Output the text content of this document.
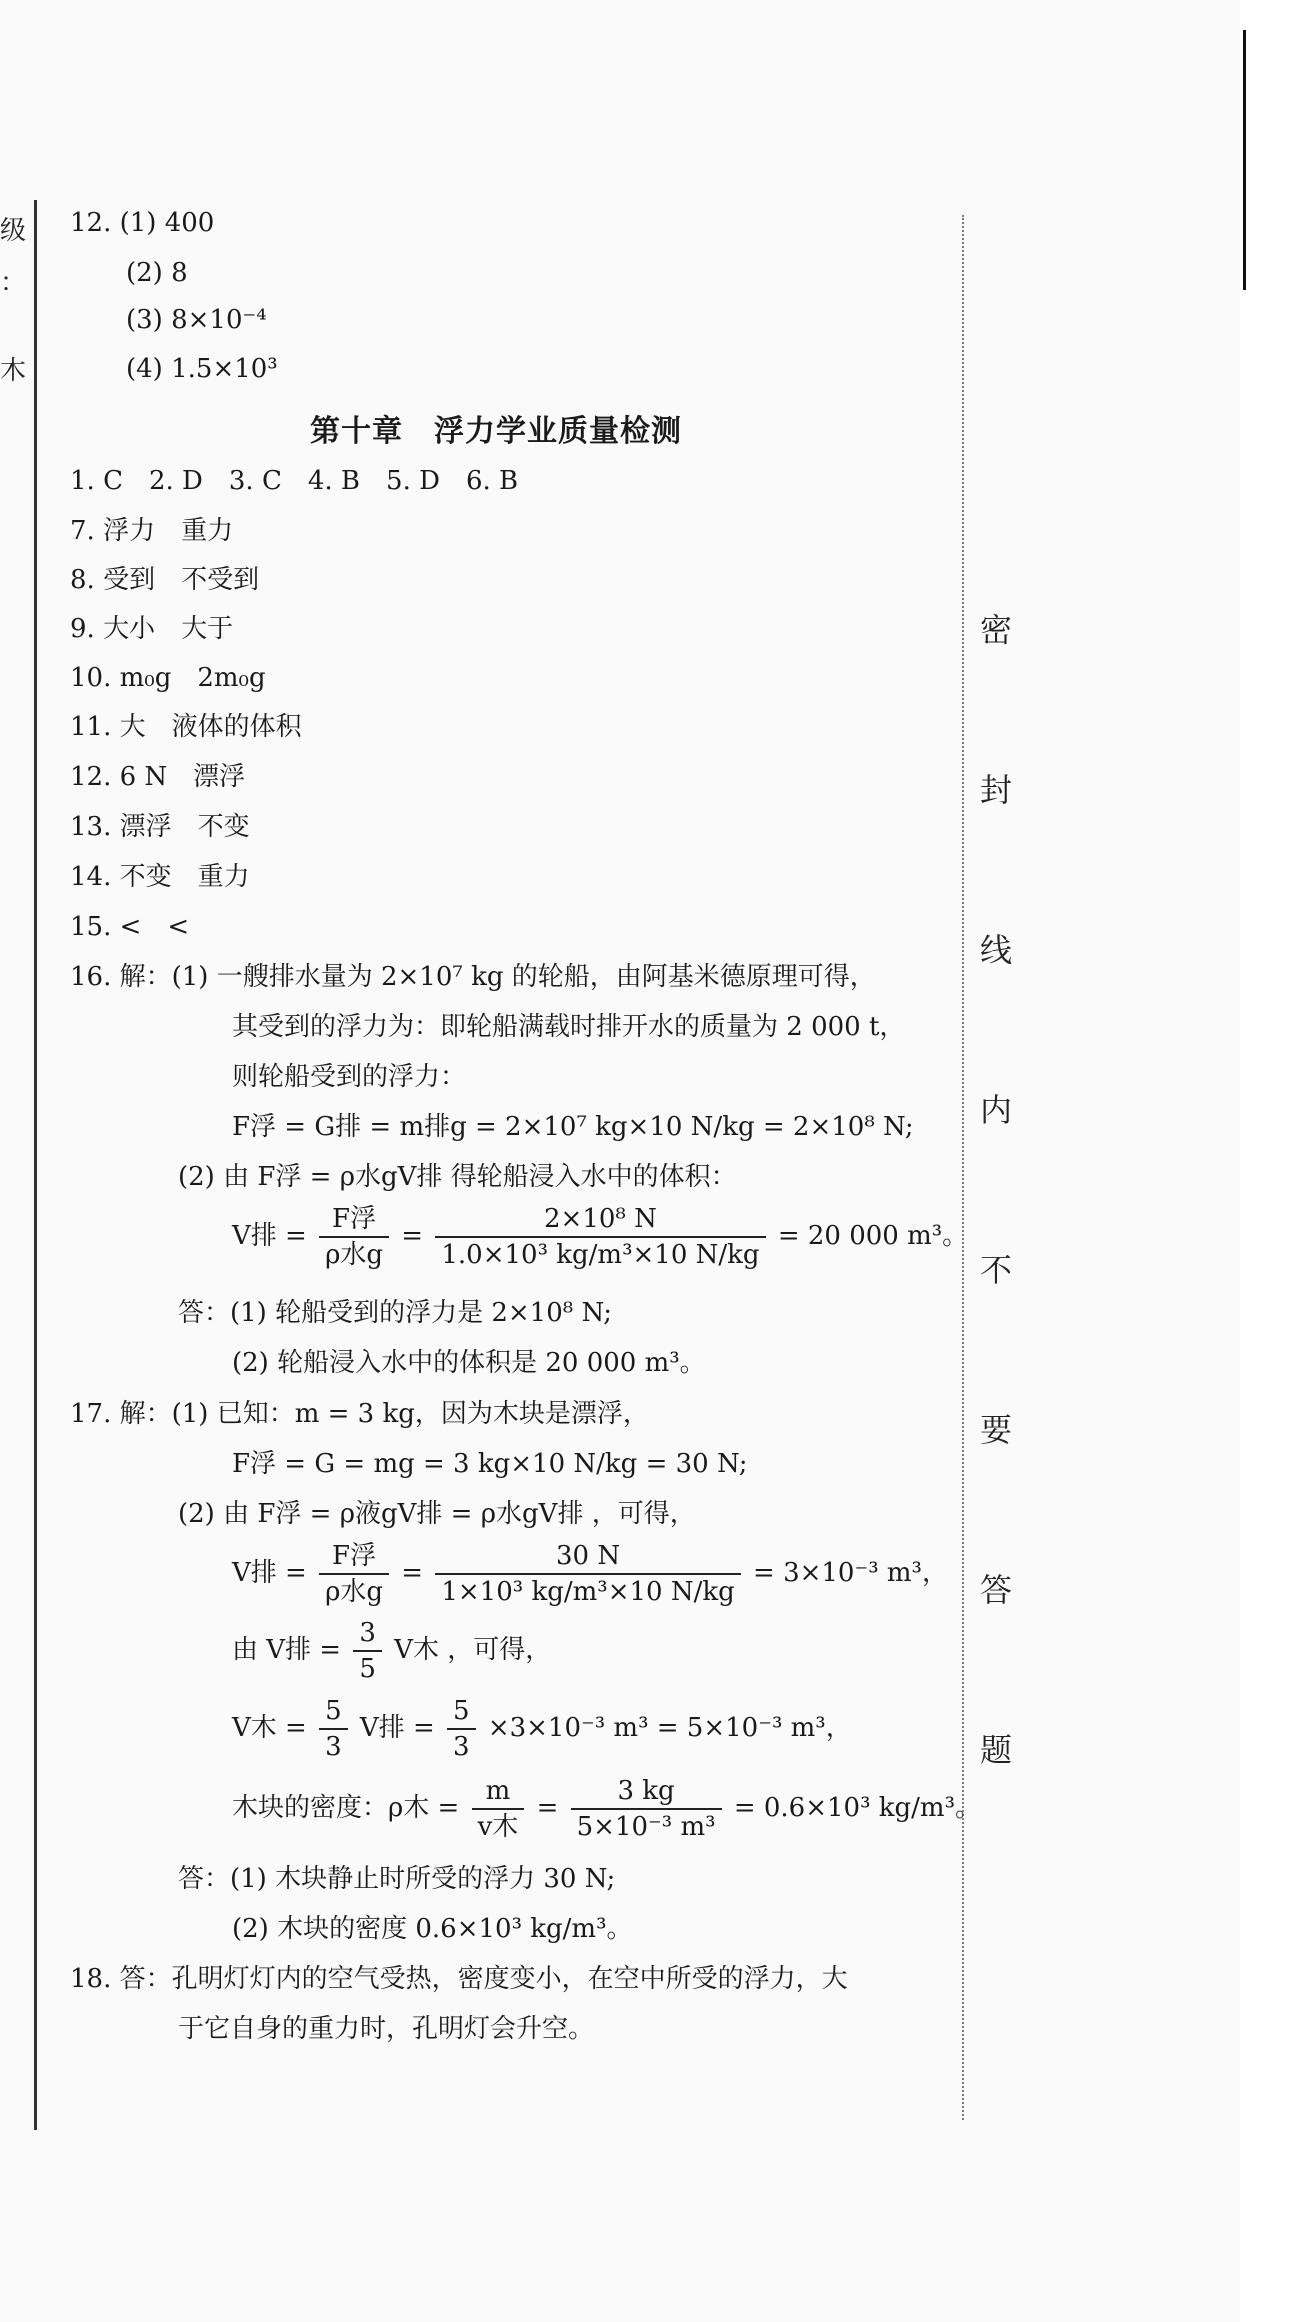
级
：
木
密
封
线
内
不
要
答
题
12. (1) 400
(2) 8
(3) 8×10⁻⁴
(4) 1.5×10³
第十章　浮力学业质量检测
1. C　2. D　3. C　4. B　5. D　6. B
7. 浮力　重力
8. 受到　不受到
9. 大小　大于
10. m₀g　2m₀g
11. 大　液体的体积
12. 6 N　漂浮
13. 漂浮　不变
14. 不变　重力
15. <　<
16. 解：(1) 一艘排水量为 2×10⁷ kg 的轮船，由阿基米德原理可得，
其受到的浮力为：即轮船满载时排开水的质量为 2 000 t，
则轮船受到的浮力：
F浮 = G排 = m排g = 2×10⁷ kg×10 N/kg = 2×10⁸ N;
(2) 由 F浮 = ρ水gV排 得轮船浸入水中的体积：
V排 = $\frac{\text{F浮}}{\text{ρ水g}} = \frac{\text{2×10⁸ N}}{\text{1.0×10³ kg/m³×10 N/kg}} = 20$ 000 m³。
答：(1) 轮船受到的浮力是 2×10⁸ N;
(2) 轮船浸入水中的体积是 20 000 m³。
17. 解：(1) 已知：m = 3 kg，因为木块是漂浮，
F浮 = G = mg = 3 kg×10 N/kg = 30 N;
(2) 由 F浮 = ρ液gV排 = ρ水gV排 ，可得，
V排 = $\frac{\text{F浮}}{\text{ρ水g}} = \frac{30 N}{\text{1×10³ kg/m³×10 N/kg}} = 3\times 10^{-3}$ m³，
由 V排 = $\frac{3}{5}$ V木 ，可得，
V木 = $\frac{5}{3}$ V排 = $\frac{5}{3} \times 3\times 10^{-3}$ m³ = 5×10⁻³ m³，
木块的密度：ρ木 = $\frac{m}{\text{v木}} = \frac{3 kg}{\text{5×10⁻³ m³}} = 0.6\times 10^3$ kg/m³。
答：(1) 木块静止时所受的浮力 30 N;
(2) 木块的密度 0.6×10³ kg/m³。
18. 答：孔明灯灯内的空气受热，密度变小，在空中所受的浮力，大
于它自身的重力时，孔明灯会升空。
